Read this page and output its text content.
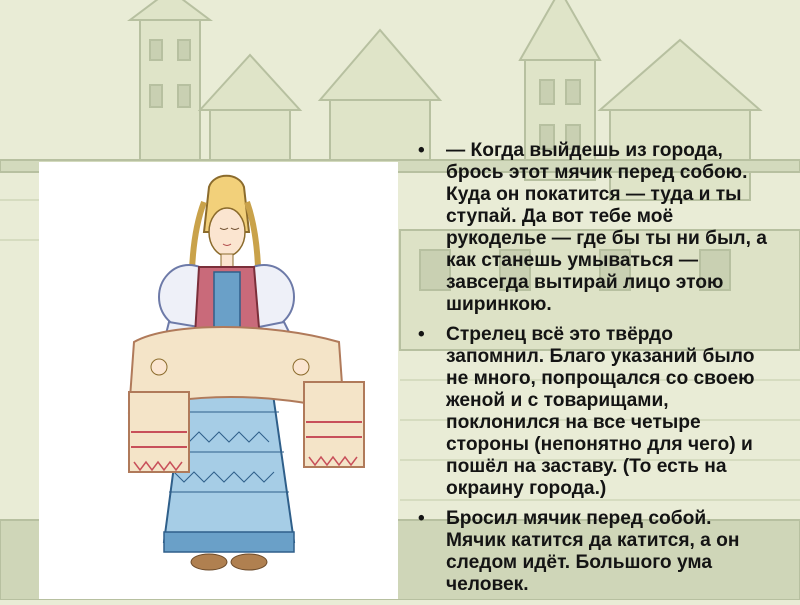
• — Когда выйдешь из города, брось этот мячик перед собою. Куда он покатится — туда и ты ступай. Да вот тебе моё рукоделье — где бы ты ни был, а как станешь умываться — завсегда вытирай лицо этою ширинкою.

• Стрелец всё это твёрдо запомнил. Благо указаний было не много, попрощался со своею женой и с товарищами, поклонился на все четыре стороны (непонятно для чего) и пошёл на заставу. (То есть на окраину города.)

• Бросил мячик перед собой. Мячик катится да катится, а он следом идёт. Большого ума человек.
